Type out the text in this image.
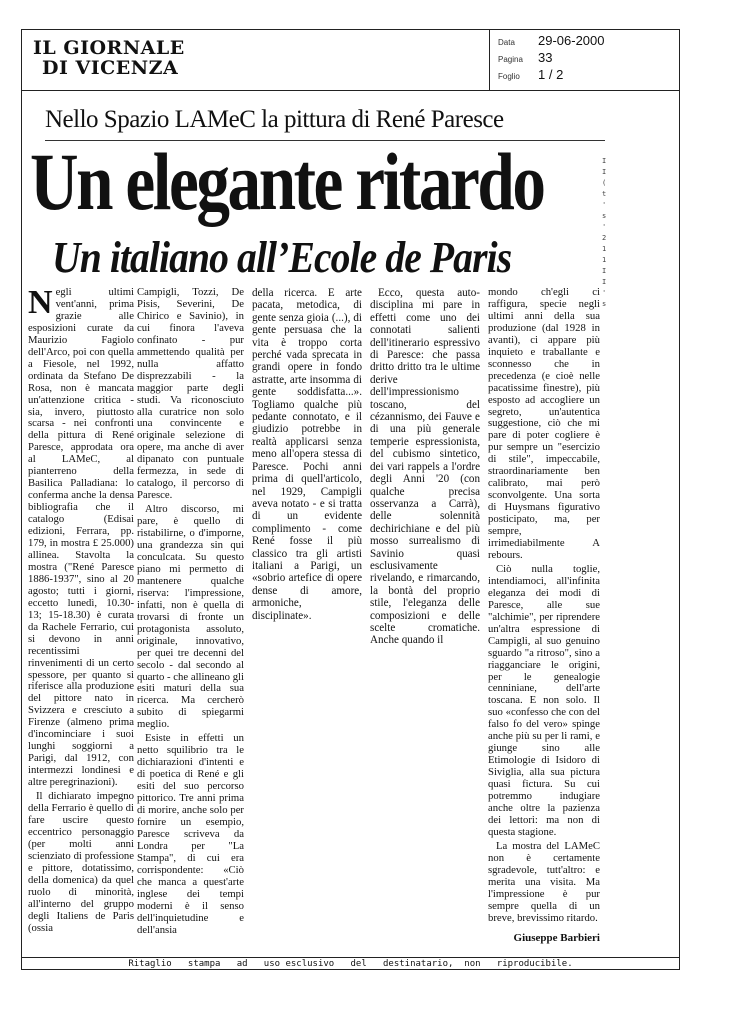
IL GIORNALE
DI VICENZA
Data	29-06-2000
Pagina	33
Foglio	1 / 2
Nello Spazio LAMeC la pittura di René Paresce
Un elegante ritardo
Un italiano all’Ecole de Paris
I I ( t ' s ' 2 1 1 I I ' s

Negli ultimi vent'anni, prima grazie alle esposizioni curate da Maurizio Fagiolo dell'Arco, poi con quella a Fiesole, nel 1992, ordinata da Stefano De Rosa, non è mancata un'attenzione critica - sia, invero, piuttosto scarsa - nei confronti della pittura di René Paresce, approdata ora al LAMeC, al pianterreno della Basilica Palladiana: lo conferma anche la densa bibliografia che il catalogo (Edisai edizioni, Ferrara, pp. 179, in mostra £ 25.000) allinea. Stavolta la mostra ("René Paresce 1886-1937", sino al 20 agosto; tutti i giorni, eccetto lunedì, 10.30-13; 15-18.30) è curata da Rachele Ferrario, cui si devono in anni recentissimi rinvenimenti di un certo spessore, per quanto si riferisce alla produzione del pittore nato in Svizzera e cresciuto a Firenze (almeno prima d'incominciare i suoi lunghi soggiorni a Parigi, dal 1912, con intermezzi londinesi e altre peregrinazioni).

Il dichiarato impegno della Ferrario è quello di fare uscire questo eccentrico personaggio (per molti anni scienziato di professione e pittore, dotatissimo, della domenica) da quel ruolo di minorità, all'interno del gruppo degli Italiens de Paris (ossia

Campigli, Tozzi, De Pisis, Severini, De Chirico e Savinio), in cui finora l'aveva confinato - pur ammettendo qualità per nulla affatto disprezzabili - la maggior parte degli studi. Va riconosciuto alla curatrice non solo una convincente e originale selezione di opere, ma anche di aver dipanato con puntuale fermezza, in sede di catalogo, il percorso di Paresce.

Altro discorso, mi pare, è quello di ristabilirne, o d'imporne, una grandezza sin qui conculcata. Su questo piano mi permetto di mantenere qualche riserva: l'impressione, infatti, non è quella di trovarsi di fronte un protagonista assoluto, originale, innovativo, per quei tre decenni del secolo - dal secondo al quarto - che allineano gli esiti maturi della sua ricerca. Ma cercherò subito di spiegarmi meglio.

Esiste in effetti un netto squilibrio tra le dichiarazioni d'intenti e di poetica di René e gli esiti del suo percorso pittorico. Tre anni prima di morire, anche solo per fornire un esempio, Paresce scriveva da Londra per "La Stampa", di cui era corrispondente: «Ciò che manca a quest'arte inglese dei tempi moderni è il senso dell'inquietudine e dell'ansia

della ricerca. E arte pacata, metodica, di gente senza gioia (...), di gente persuasa che la vita è troppo corta perché vada sprecata in grandi opere in fondo astratte, arte insomma di gente soddisfatta...». Togliamo qualche più pedante connotato, e il giudizio potrebbe in realtà applicarsi senza meno all'opera stessa di Paresce. Pochi anni prima di quell'articolo, nel 1929, Campigli aveva notato - e si tratta di un evidente complimento - come René fosse il più classico tra gli artisti italiani a Parigi, un «sobrio artefice di opere dense di amore, armoniche, disciplinate».

mondo ch'egli ci raffigura, specie negli ultimi anni della sua produzione (dal 1928 in avanti), ci appare più inquieto e traballante e sconnesso che in precedenza (e cioè nelle pacatissime finestre), più esposto ad accogliere un segreto, un'autentica suggestione, ciò che mi pare di poter cogliere è pur sempre un "esercizio di stile", impeccabile, straordinariamente ben calibrato, mai però sconvolgente. Una sorta di Huysmans figurativo posticipato, ma, per sempre, irrimediabilmente A rebours.

Ciò nulla toglie, intendiamoci, all'infinita eleganza dei modi di Paresce, alle sue "alchimie", per riprendere un'altra espressione di Campigli, al suo genuino sguardo "a ritroso", sino a riagganciare le origini, per le genealogie cenniniane, dell'arte toscana. E non solo. Il suo «confesso che con del falso fo del vero» spinge anche più su per li rami, e giunge sino alle Etimologie di Isidoro di Siviglia, alla sua pictura quasi fictura. Su cui potremmo indugiare anche oltre la pazienza dei lettori: ma non di questa stagione.

La mostra del LAMeC non è certamente sgradevole, tutt'altro: e merita una visita. Ma l'impressione è pur sempre quella di un breve, brevissimo ritardo.

Giuseppe Barbieri
Ritaglio   stampa   ad   uso esclusivo   del   destinatario,  non   riproducibile.

Ecco, questa auto-disciplina mi pare in effetti come uno dei connotati salienti dell'itinerario espressivo di Paresce: che passa dritto dritto tra le ultime derive dell'impressionismo toscano, del cézannismo, dei Fauve e di una più generale temperie espressionista, del cubismo sintetico, dei vari rappels a l'ordre degli Anni '20 (con qualche precisa osservanza a Carrà), delle solennità dechirichiane e del più mosso surrealismo di Savinio quasi esclusivamente rivelando, e rimarcando, la bontà del proprio stile, l'eleganza delle composizioni e delle scelte cromatiche. Anche quando il
